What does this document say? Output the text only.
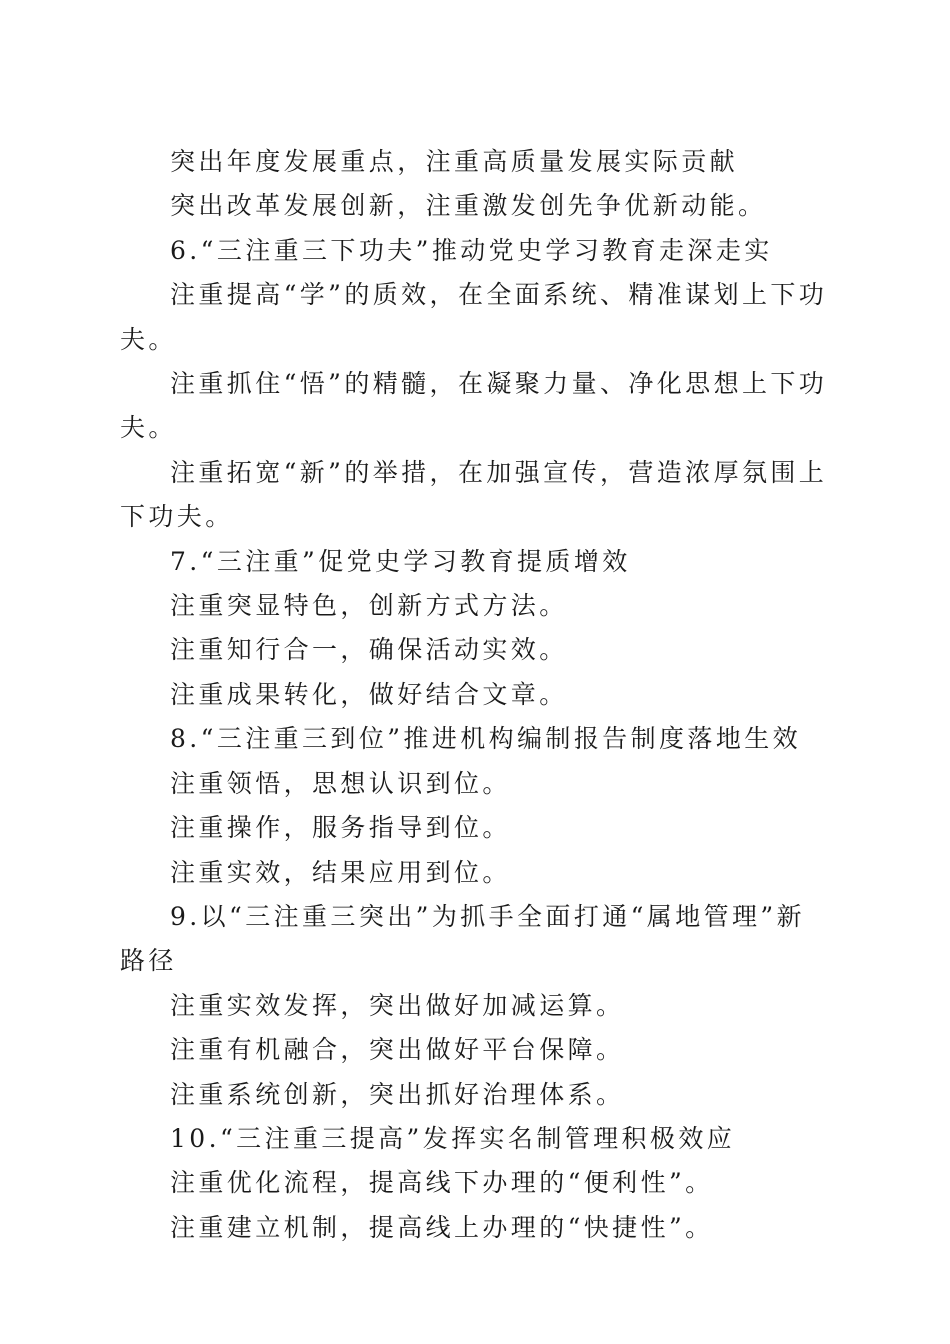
突出年度发展重点，注重高质量发展实际贡献

突出改革发展创新，注重激发创先争优新动能。

6.“三注重三下功夫”推动党史学习教育走深走实

注重提高“学”的质效，在全面系统、精准谋划上下功夫。

注重抓住“悟”的精髓，在凝聚力量、净化思想上下功夫。

注重拓宽“新”的举措，在加强宣传，营造浓厚氛围上下功夫。

7.“三注重”促党史学习教育提质增效

注重突显特色，创新方式方法。

注重知行合一，确保活动实效。

注重成果转化，做好结合文章。

8.“三注重三到位”推进机构编制报告制度落地生效

注重领悟，思想认识到位。

注重操作，服务指导到位。

注重实效，结果应用到位。

9.以“三注重三突出”为抓手全面打通“属地管理”新路径

注重实效发挥，突出做好加减运算。

注重有机融合，突出做好平台保障。

注重系统创新，突出抓好治理体系。

10.“三注重三提高”发挥实名制管理积极效应

注重优化流程，提高线下办理的“便利性”。

注重建立机制，提高线上办理的“快捷性”。
